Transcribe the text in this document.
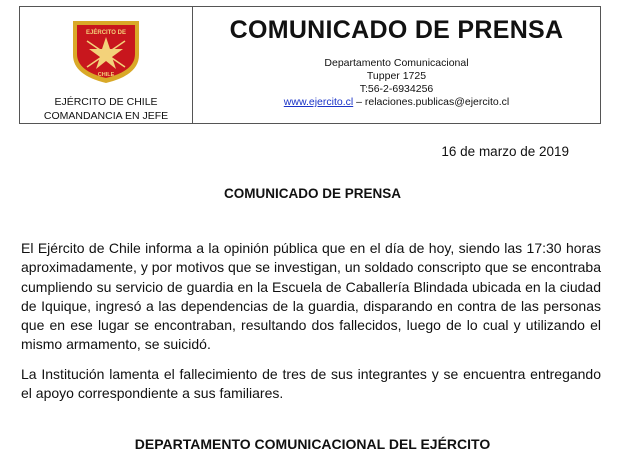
EJÉRCITO DE
CHILE
EJÉRCITO DE CHILE
COMANDANCIA EN JEFE
COMUNICADO DE PRENSA
Departamento Comunicacional
Tupper 1725
T:56-2-6934256
www.ejercito.cl – relaciones.publicas@ejercito.cl
16 de marzo de 2019
COMUNICADO DE PRENSA

El Ejército de Chile informa a la opinión pública que en el día de hoy, siendo las 17:30 horas aproximadamente, y por motivos que se investigan, un soldado conscripto que se encontraba cumpliendo su servicio de guardia en la Escuela de Caballería Blindada ubicada en la ciudad de Iquique, ingresó a las dependencias de la guardia, disparando en contra de las personas que en ese lugar se encontraban, resultando dos fallecidos, luego de lo cual y utilizando el mismo armamento, se suicidó.

La Institución lamenta el fallecimiento de tres de sus integrantes y se encuentra entregando el apoyo correspondiente a sus familiares.

DEPARTAMENTO COMUNICACIONAL DEL EJÉRCITO
